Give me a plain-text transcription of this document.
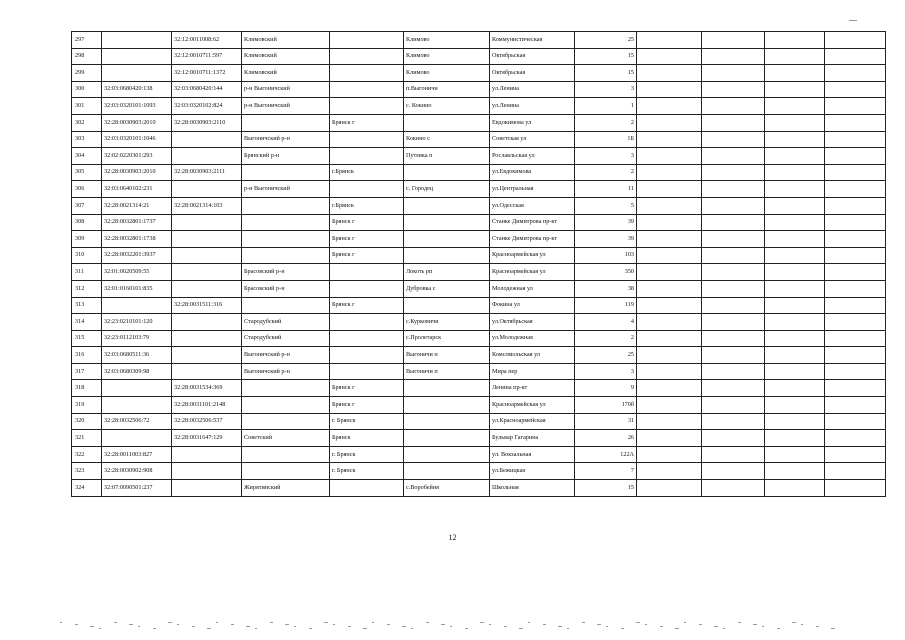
297		32:12:0011008:62	Климовский		Климово	Коммунистическая	25				
298		32:12:0010711:597	Климовский		Климово	Октябрьская	15				
299		32:12:0010711:1372	Климовский		Климово	Октябрьская	15				
300	32:03:0680420:138	32:03:0680420:144	р-н Выгоничский		п.Выгоничи	ул.Ленина	3				
301	32:03:0320101:1093	32:03:0320102:824	р-н Выгоничский		с. Кокино	ул.Ленина	1				
302	32:28:0030903:2010	32:28:0030903:2110		Брянск г		Евдокимова ул	2				
303	32:03:0320101:1046		Выгоничский р-н		Кокино с	Советская ул	1Б				
304	32:02:0220301:293		Брянский р-н		Путевка п	Рославльская ул	3				
305	32:28:0030903:2010	32:28:0030903:2111		г.Брянск		ул.Евдокимова	2				
306	32:03:0640102:231		р-н Выгоничский		с. Городец	ул.Центральная	11				
307	32:28:0021314:21	32:28:0021314:103		г.Брянск		ул.Одесская	5				
308	32:28:0032801:1737			Брянск г		Станке Димитрова пр-кт	39				
309	32:28:0032801:1738			Брянск г		Станке Димитрова пр-кт	39				
310	32:28:0032201:3937			Брянск г		Красноармейская ул	103				
311	32:01:0020509:55		Брасовский р-н		Локоть рп	Красноармейская ул	350				
312	32:01:0160101:835		Брасовский р-н		Дубровка с	Молодежная ул	38				
313		32:28:0031511:316		Брянск г		Фокина ул	119				
314	32:23:0210101:120		Стародубский		с.Курковичи	ул.Октябрьская	4				
315	32:23:0112103:79		Стародубский		с.Пролетарск	ул.Молодежная	2				
316	32:03:0680511:36		Выгоничский р-н		Выгоничи п	Комсомольская ул	25				
317	32:03:0680309:98		Выгоничский р-н		Выгоничи п	Мира пер	3				
318		32:28:0031534:369		Брянск г		Ленина пр-кт	9				
319		32:28:0031101:2148		Брянск г		Красноармейская ул	170б				
320	32:28:0032506:72	32:28:0032506:537		г. Брянск		ул.Красноармейская	31				
321		32:28:0031647:129	Советский	Брянск		Бульвар Гагарина	26				
322	32:28:0011003:827			г. Брянск		ул. Вокзальная	122А				
323	32:28:0030902:908			г. Брянск		ул.Бежицкая	7				
324	32:07:0090501:237		Жирятинский		с.Воробейня	Школьная	15				
12
